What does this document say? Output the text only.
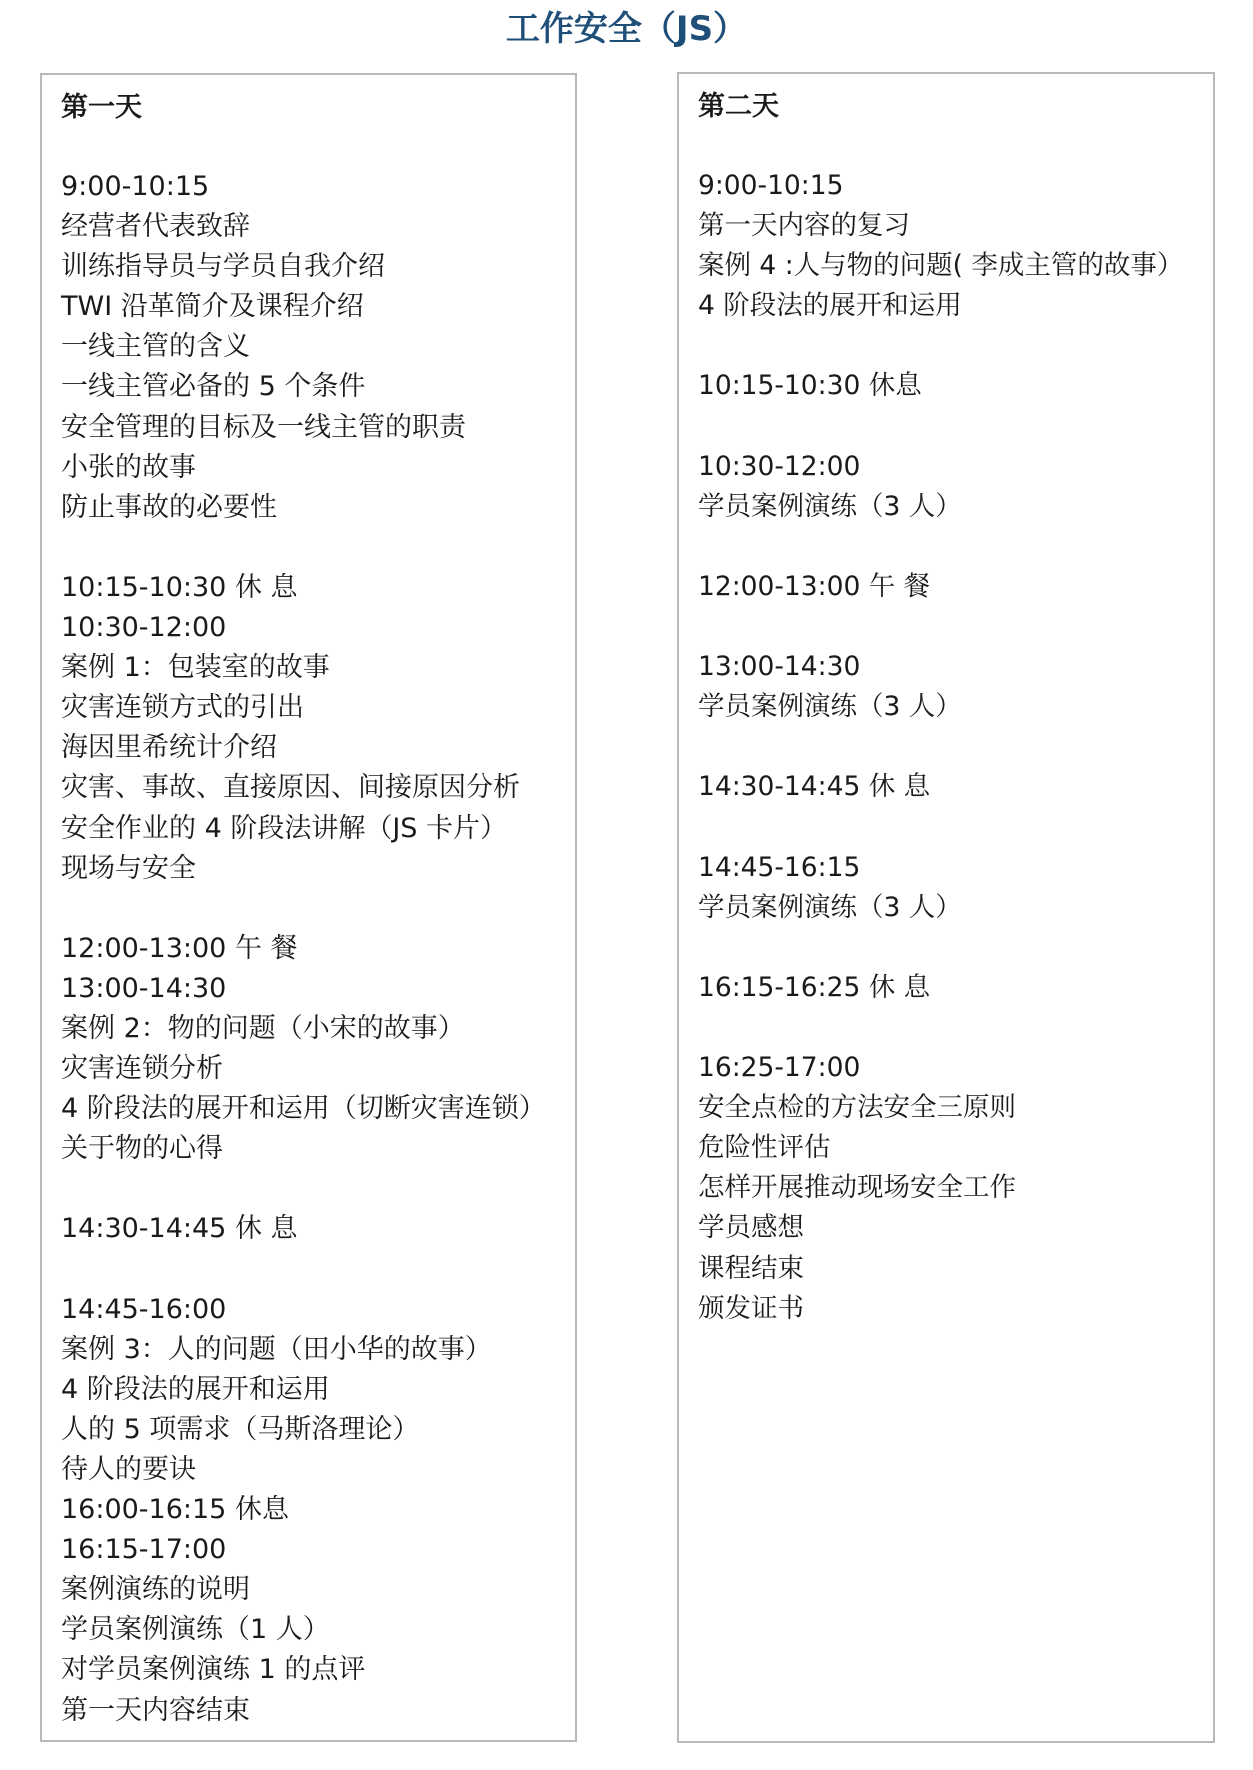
工作安全（JS）
第一天
9:00-10:15
经营者代表致辞
训练指导员与学员自我介绍
TWI 沿革简介及课程介绍
一线主管的含义
一线主管必备的 5 个条件
安全管理的目标及一线主管的职责
小张的故事
防止事故的必要性
10:15-10:30 休 息
10:30-12:00
案例 1：包装室的故事
灾害连锁方式的引出
海因里希统计介绍
灾害、事故、直接原因、间接原因分析
安全作业的 4 阶段法讲解（JS 卡片）
现场与安全
12:00-13:00 午 餐
13:00-14:30
案例 2：物的问题（小宋的故事）
灾害连锁分析
4 阶段法的展开和运用（切断灾害连锁）
关于物的心得
14:30-14:45 休 息
14:45-16:00
案例 3：人的问题（田小华的故事）
4 阶段法的展开和运用
人的 5 项需求（马斯洛理论）
待人的要诀
16:00-16:15 休息
16:15-17:00
案例演练的说明
学员案例演练（1 人）
对学员案例演练 1 的点评
第一天内容结束
第二天
9:00-10:15
第一天内容的复习
案例 4 :人与物的问题( 李成主管的故事）
4 阶段法的展开和运用
10:15-10:30 休息
10:30-12:00
学员案例演练（3 人）
12:00-13:00 午 餐
13:00-14:30
学员案例演练（3 人）
14:30-14:45 休 息
14:45-16:15
学员案例演练（3 人）
16:15-16:25 休 息
16:25-17:00
安全点检的方法安全三原则
危险性评估
怎样开展推动现场安全工作
学员感想
课程结束
颁发证书
